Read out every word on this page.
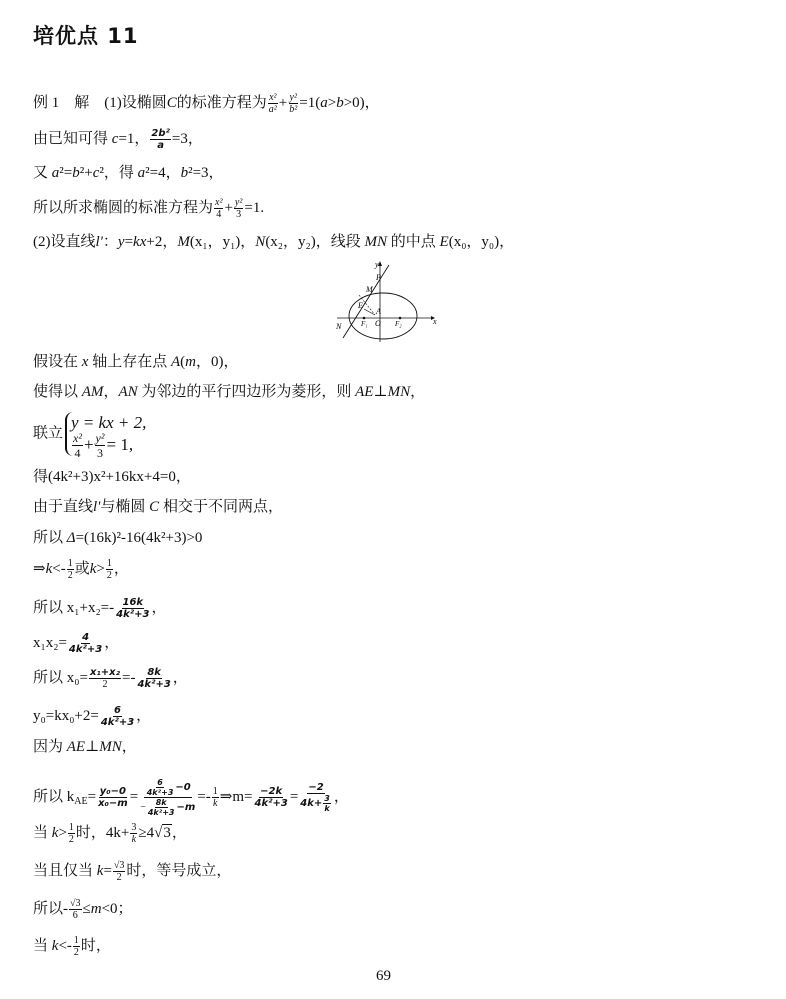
培优点 11
例 1　解　(1)设椭圆C的标准方程为 $\frac{\text{x²}}{\text{a²}} + \frac{\text{y²}}{\text{b²}} =1(a>b>0)$，
由已知可得 c=1， $\frac{\text{2b²}}{a} =3$，
又 a²=b²+c²，得 a²=4，b²=3，
所以所求椭圆的标准方程为 $\frac{\text{x²}}{4} + \frac{\text{y²}}{3} =1$.
(2)设直线l'：y=kx+2，M(x₁，y₁)，N(x₂，y₂)，线段 MN 的中点 E(x₀，y₀)，
y
x
P
M
E
A
N	F₁ O F₂
假设在 x 轴上存在点 A(m，0)，
使得以 AM，AN 为邻边的平行四边形为菱形，则 AE⊥MN，
联立
y = kx + 2,
x²
$4 + \frac{\text{y²}}{3} = 1$,
得(4k²+3)x²+16kx+4=0，
由于直线l'与椭圆 C 相交于不同两点，
所以 Δ=(16k)²-16(4k²+3)>0
⇒k<- $\frac{1}{2}$ 或$k> \frac{1}{2}$ ，
所以 $x_1+x_2=- \frac{16k}{\text{4k²+3}}$ ，
$x_1x_2= \frac{4}{\text{4k²+3}}$ ，
所以 $x_0= \frac{\text{x₁+x₂}}{2} =- \frac{8k}{\text{4k²+3}}$ ，
$y_0=kx_0+2= \frac{6}{\text{4k²+3}}$ ，
因为 AE⊥MN，
所以 $k_{AE}= \frac{\text{y₀−0}}{\text{x₀−m}} = \frac{\frac{6}{\text{4k²+3}} -0}{- \frac{8k}{\text{4k²+3}} -m} =- \frac{1}{k}$ ⇒m= $\frac{-2k}{\text{4k²+3}} = \frac{-2}{4k+ \frac{3}{k}}$ ，
当 $k> \frac{1}{2}$ 时，$4k+ \frac{3}{k} \ge 4√3$，
当且仅当 $k= \frac{√3}{2}$ 时，等号成立，
所以- $\frac{√3}{6} \le m<0$；
当 $k<- \frac{1}{2}$ 时，
69
